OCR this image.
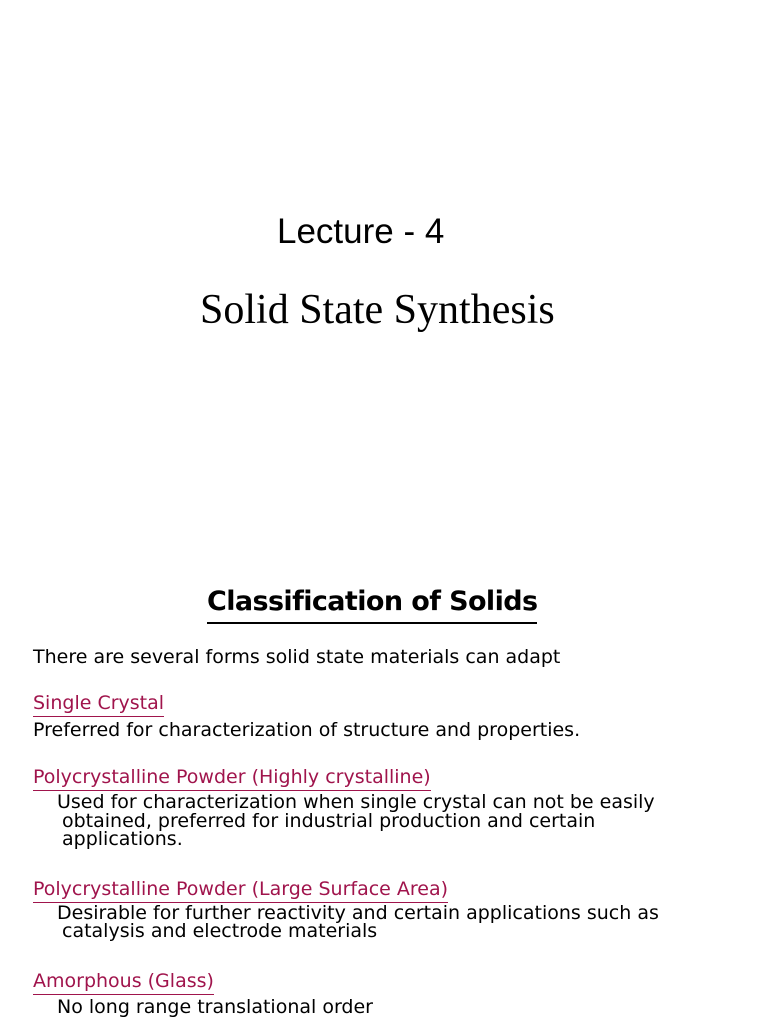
Lecture - 4
Solid State Synthesis
Classification of Solids
There are several forms solid state materials can adapt
Single Crystal
Preferred for characterization of structure and properties.
Polycrystalline Powder (Highly crystalline)
Used for characterization when single crystal can not be easily
obtained, preferred for industrial production and certain
applications.
Polycrystalline Powder (Large Surface Area)
Desirable for further reactivity and certain applications such as
catalysis and electrode materials
Amorphous (Glass)
No long range translational order
